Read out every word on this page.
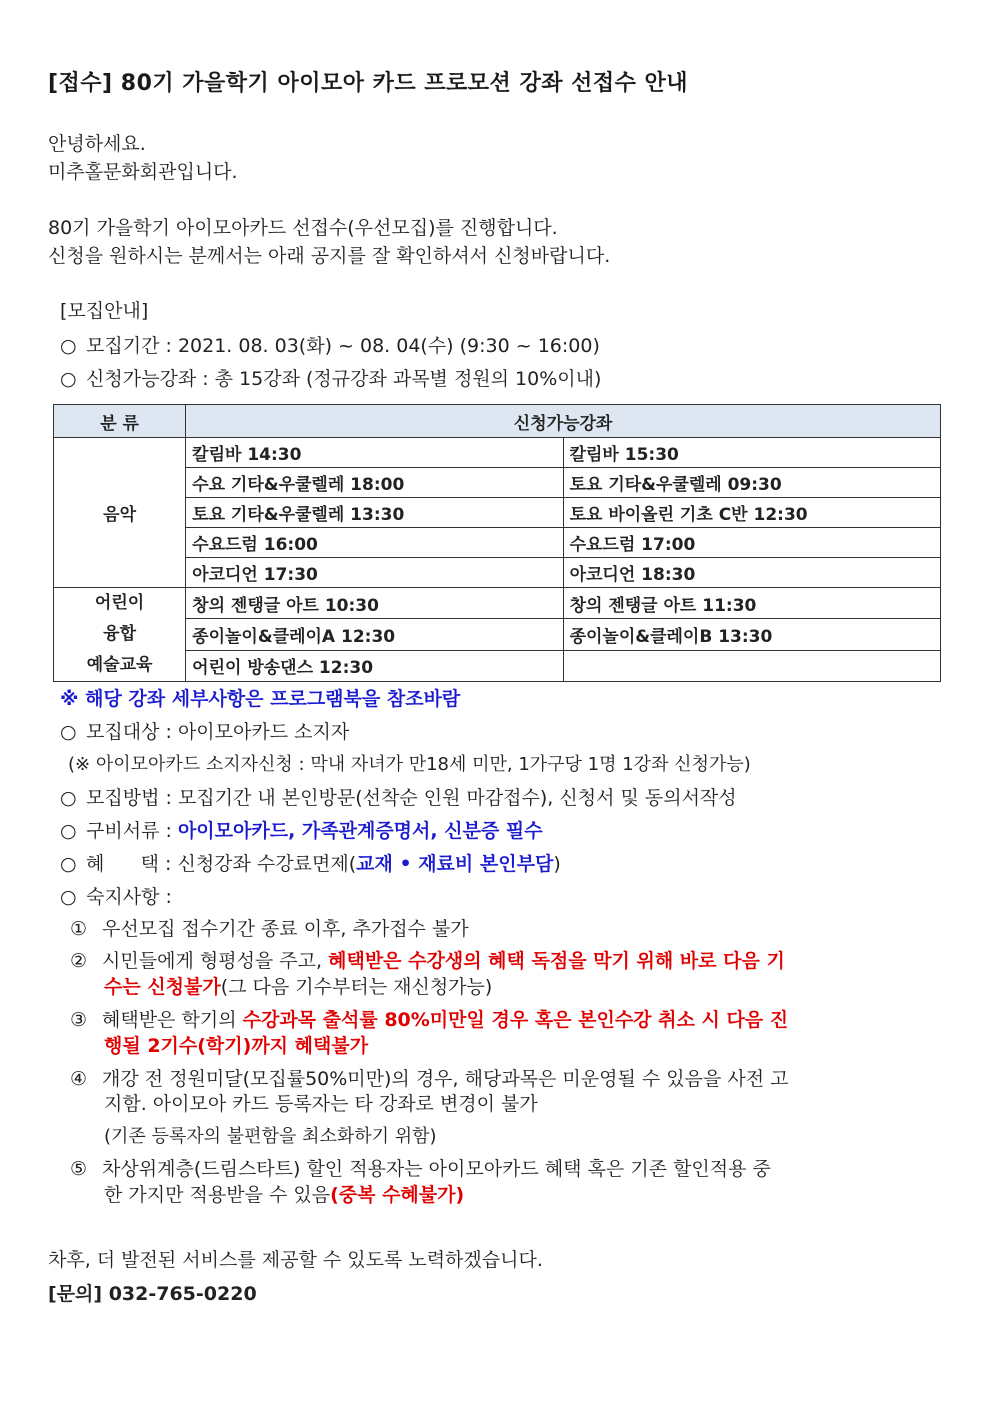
[접수] 80기 가을학기 아이모아 카드 프로모션 강좌 선접수 안내
안녕하세요.
미추홀문화회관입니다.
80기 가을학기 아이모아카드 선접수(우선모집)를 진행합니다.
신청을 원하시는 분께서는 아래 공지를 잘 확인하셔서 신청바랍니다.
[모집안내]
○ 모집기간 : 2021. 08. 03(화) ~ 08. 04(수) (9:30 ~ 16:00)
○ 신청가능강좌 : 총 15강좌 (정규강좌 과목별 정원의 10%이내)
분 류	신청가능강좌	
음악	칼림바 14:30	칼림바 15:30
	수요 기타&우쿨렐레 18:00	토요 기타&우쿨렐레 09:30
	토요 기타&우쿨렐레 13:30	토요 바이올린 기초 C반 12:30
	수요드럼 16:00	수요드럼 17:00
	아코디언 17:30	아코디언 18:30

어린이
융합
예술교육	창의 젠탱글 아트 10:30	창의 젠탱글 아트 11:30
	종이놀이&클레이A 12:30	종이놀이&클레이B 13:30
	어린이 방송댄스 12:30	
※ 해당 강좌 세부사항은 프로그램북을 참조바람
○ 모집대상 : 아이모아카드 소지자
(※ 아이모아카드 소지자신청 : 막내 자녀가 만18세 미만, 1가구당 1명 1강좌 신청가능)
○ 모집방법 : 모집기간 내 본인방문(선착순 인원 마감접수), 신청서 및 동의서작성
○ 구비서류 : 아이모아카드, 가족관계증명서, 신분증 필수
○ 혜      택 : 신청강좌 수강료면제(교재 • 재료비 본인부담)
○ 숙지사항 :
① 우선모집 접수기간 종료 이후, 추가접수 불가
② 시민들에게 형평성을 주고, 혜택받은 수강생의 혜택 독점을 막기 위해 바로 다음 기
수는 신청불가(그 다음 기수부터는 재신청가능)
③ 혜택받은 학기의 수강과목 출석률 80%미만일 경우 혹은 본인수강 취소 시 다음 진
행될 2기수(학기)까지 혜택불가
④ 개강 전 정원미달(모집률50%미만)의 경우, 해당과목은 미운영될 수 있음을 사전 고
지함. 아이모아 카드 등록자는 타 강좌로 변경이 불가
(기존 등록자의 불편함을 최소화하기 위함)
⑤ 차상위계층(드림스타트) 할인 적용자는 아이모아카드 혜택 혹은 기존 할인적용 중
한 가지만 적용받을 수 있음(중복 수혜불가)
차후, 더 발전된 서비스를 제공할 수 있도록 노력하겠습니다.
[문의] 032-765-0220
